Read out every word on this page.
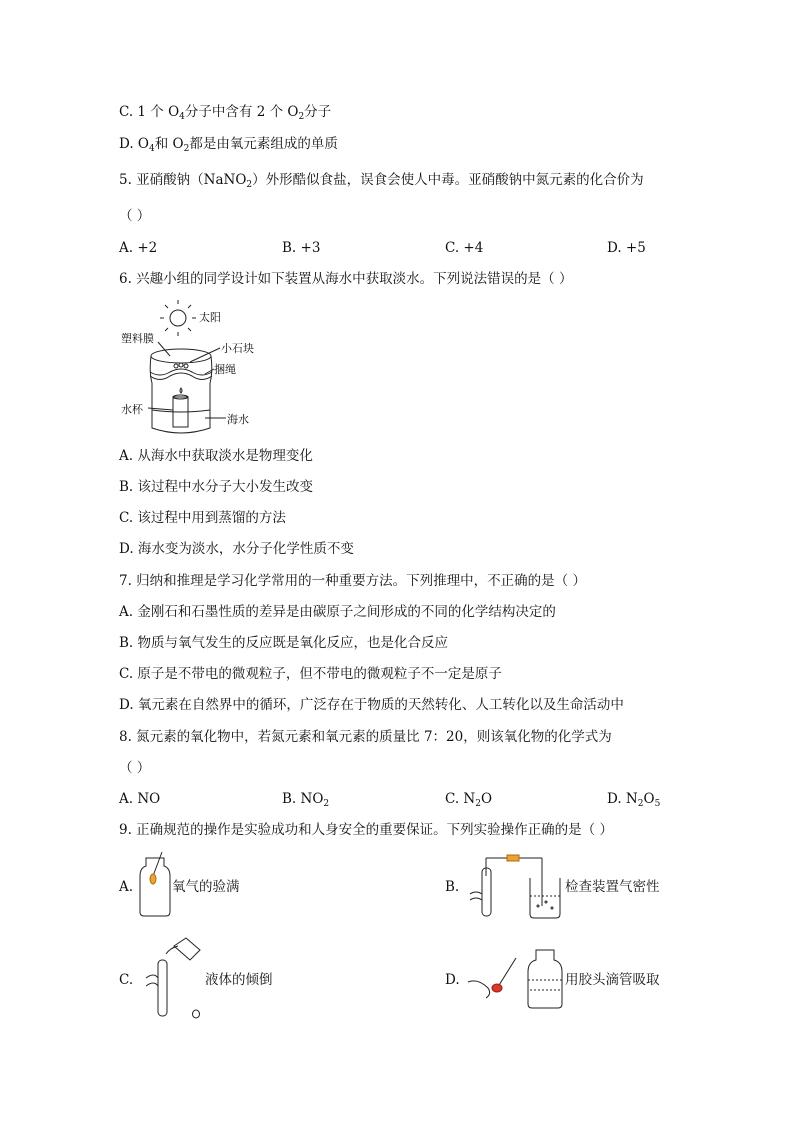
C. 1 个 $O_4$分子中含有 2 个 $O_2$分子
D. $O_4$和 $O_2$都是由氧元素组成的单质
5. 亚硝酸钠（NaNO$_2$）外形酷似食盐，误食会使人中毒。亚硝酸钠中氮元素的化合价为
（ ）
A. +2	B. +3	C. +4	D. +5
6. 兴趣小组的同学设计如下装置从海水中获取淡水。下列说法错误的是（ ）
太阳
塑料膜
小石块
捆绳
水杯
海水
A. 从海水中获取淡水是物理变化
B. 该过程中水分子大小发生改变
C. 该过程中用到蒸馏的方法
D. 海水变为淡水，水分子化学性质不变
7. 归纳和推理是学习化学常用的一种重要方法。下列推理中，不正确的是（ ）
A. 金刚石和石墨性质的差异是由碳原子之间形成的不同的化学结构决定的
B. 物质与氧气发生的反应既是氧化反应，也是化合反应
C. 原子是不带电的微观粒子，但不带电的微观粒子不一定是原子
D. 氧元素在自然界中的循环，广泛存在于物质的天然转化、人工转化以及生命活动中
8. 氮元素的氧化物中，若氮元素和氧元素的质量比 7：20，则该氧化物的化学式为
（ ）
A. NO	B. $NO_2$	C. $N_2O$	D. $N_2O_5$
9. 正确规范的操作是实验成功和人身安全的重要保证。下列实验操作正确的是（ ）
A.	氧气的验满	B.	检查装置气密性
C.	液体的倾倒	D.	用胶头滴管吸取
